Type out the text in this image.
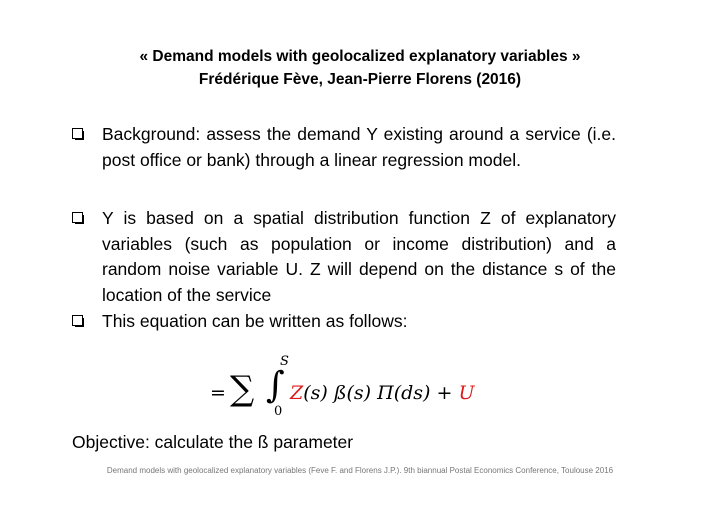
« Demand models with geolocalized explanatory variables »
Frédérique Fève, Jean-Pierre Florens (2016)
Background: assess the demand Y existing around a service (i.e. post office or bank) through a linear regression model.
Y is based on a spatial distribution function Z of explanatory variables (such as population or income distribution) and a random noise variable U. Z will depend on the distance s of the location of the service
This equation can be written as follows:
= ∑ ∫
S
0
Z(s) ß(s) Π(ds) + U
Objective: calculate the ß parameter
Demand models with geolocalized explanatory variables (Feve F. and Florens J.P.). 9th biannual Postal Economics Conference, Toulouse 2016
